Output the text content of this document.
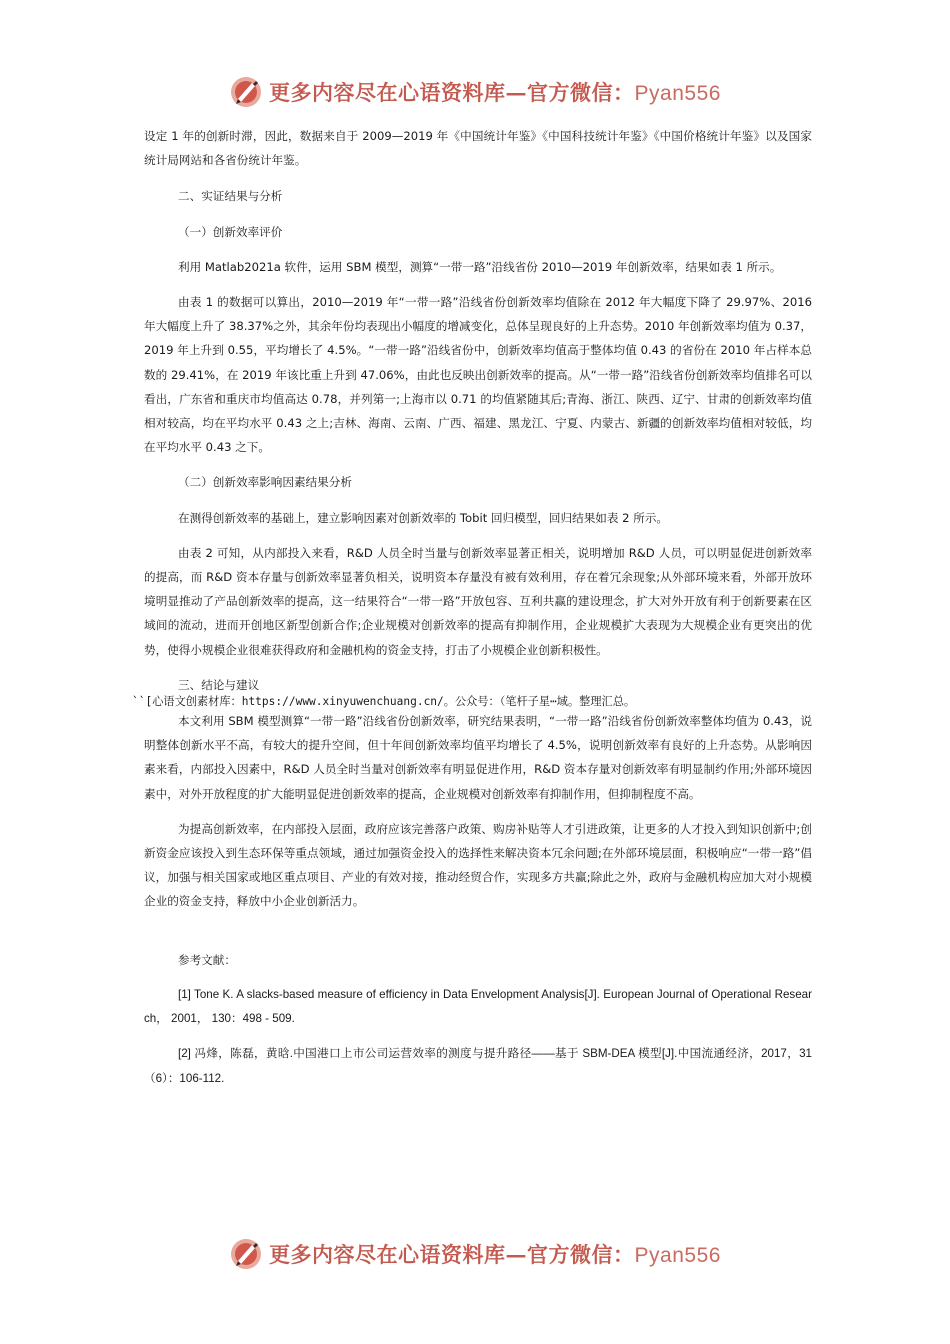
更多内容尽在心语资料库—官方微信：Pyan556

设定 1 年的创新时滞，因此，数据来自于 2009—2019 年《中国统计年鉴》《中国科技统计年鉴》《中国价格统计年鉴》以及国家统计局网站和各省份统计年鉴。

二、实证结果与分析

（一）创新效率评价

利用 Matlab2021a 软件，运用 SBM 模型，测算“一带一路”沿线省份 2010—2019 年创新效率，结果如表 1 所示。

由表 1 的数据可以算出，2010—2019 年“一带一路”沿线省份创新效率均值除在 2012 年大幅度下降了 29.97%、2016 年大幅度上升了 38.37%之外，其余年份均表现出小幅度的增减变化，总体呈现良好的上升态势。2010 年创新效率均值为 0.37，2019 年上升到 0.55，平均增长了 4.5%。“一带一路”沿线省份中，创新效率均值高于整体均值 0.43 的省份在 2010 年占样本总数的 29.41%，在 2019 年该比重上升到 47.06%，由此也反映出创新效率的提高。从“一带一路”沿线省份创新效率均值排名可以看出，广东省和重庆市均值高达 0.78，并列第一;上海市以 0.71 的均值紧随其后;青海、浙江、陕西、辽宁、甘肃的创新效率均值相对较高，均在平均水平 0.43 之上;吉林、海南、云南、广西、福建、黑龙江、宁夏、内蒙古、新疆的创新效率均值相对较低，均在平均水平 0.43 之下。

（二）创新效率影响因素结果分析

在测得创新效率的基础上，建立影响因素对创新效率的 Tobit 回归模型，回归结果如表 2 所示。

由表 2 可知，从内部投入来看，R&D 人员全时当量与创新效率显著正相关，说明增加 R&D 人员，可以明显促进创新效率的提高，而 R&D 资本存量与创新效率显著负相关，说明资本存量没有被有效利用，存在着冗余现象;从外部环境来看，外部开放环境明显推动了产品创新效率的提高，这一结果符合“一带一路”开放包容、互利共赢的建设理念，扩大对外开放有利于创新要素在区域间的流动，进而开创地区新型创新合作;企业规模对创新效率的提高有抑制作用，企业规模扩大表现为大规模企业有更突出的优势，使得小规模企业很难获得政府和金融机构的资金支持，打击了小规模企业创新积极性。

三、结论与建议

``[心语文创素材库：https://www.xinyuwenchuang.cn/。公众号：（笔杆子星⋯域。整理汇总。

本文利用 SBM 模型测算“一带一路”沿线省份创新效率，研究结果表明，“一带一路”沿线省份创新效率整体均值为 0.43，说明整体创新水平不高，有较大的提升空间，但十年间创新效率均值平均增长了 4.5%，说明创新效率有良好的上升态势。从影响因素来看，内部投入因素中，R&D 人员全时当量对创新效率有明显促进作用，R&D 资本存量对创新效率有明显制约作用;外部环境因素中，对外开放程度的扩大能明显促进创新效率的提高，企业规模对创新效率有抑制作用，但抑制程度不高。

为提高创新效率，在内部投入层面，政府应该完善落户政策、购房补贴等人才引进政策，让更多的人才投入到知识创新中;创新资金应该投入到生态环保等重点领域，通过加强资金投入的选择性来解决资本冗余问题;在外部环境层面，积极响应“一带一路”倡议，加强与相关国家或地区重点项目、产业的有效对接，推动经贸合作，实现多方共赢;除此之外，政府与金融机构应加大对小规模企业的资金支持，释放中小企业创新活力。

参考文献：

[1] Tone K. A slacks-based measure of efficiency in Data Envelopment Analysis[J]. European Journal of Operational Research， 2001， 130：498 - 509.

[2] 冯烽，陈磊，黄晗.中国港口上市公司运营效率的测度与提升路径——基于 SBM-DEA 模型[J].中国流通经济，2017，31（6）：106-112.

更多内容尽在心语资料库—官方微信：Pyan556
